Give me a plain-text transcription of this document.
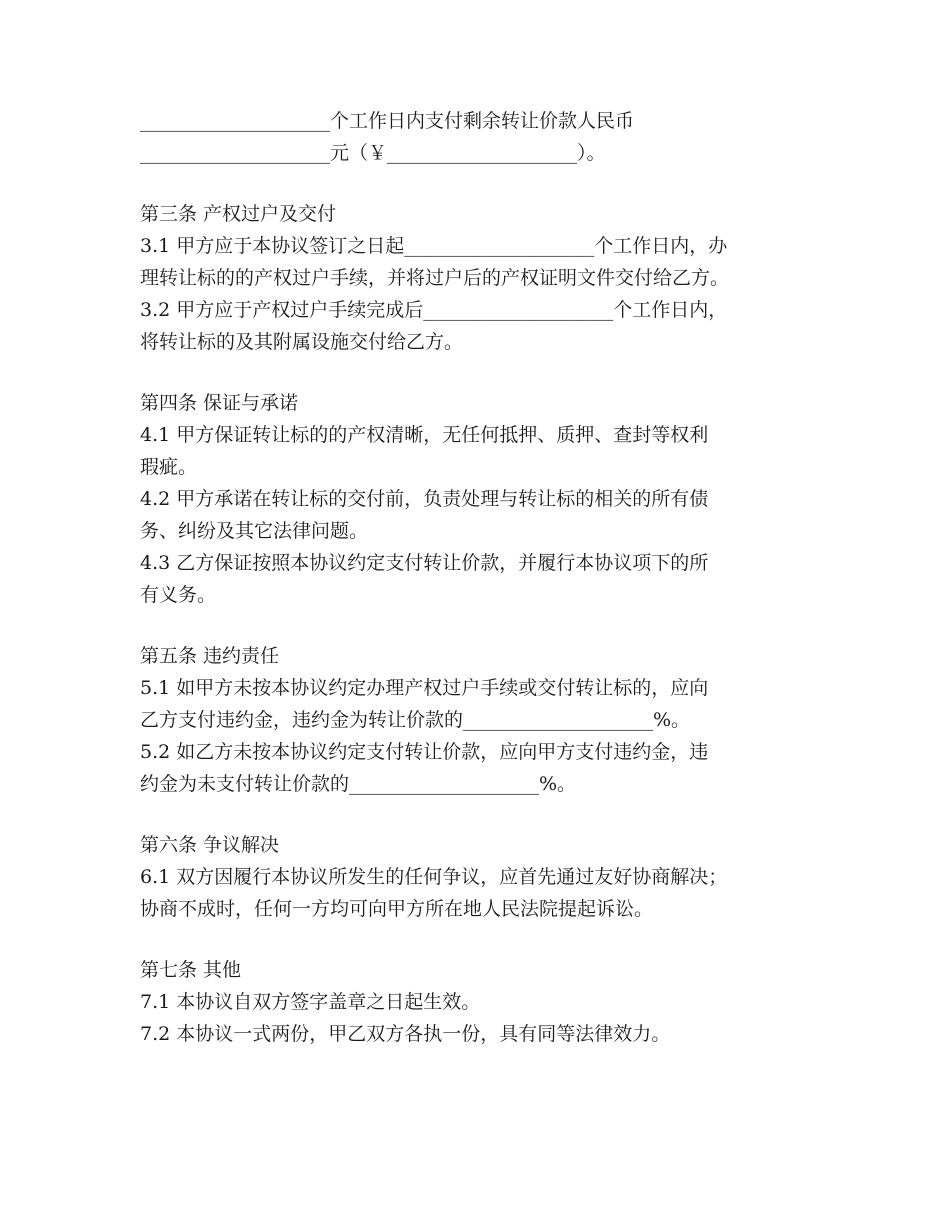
____________________个工作日内支付剩余转让价款人民币
____________________元（￥____________________）。
第三条 产权过户及交付
3.1 甲方应于本协议签订之日起____________________个工作日内，办
理转让标的的产权过户手续，并将过户后的产权证明文件交付给乙方。
3.2 甲方应于产权过户手续完成后____________________个工作日内，
将转让标的及其附属设施交付给乙方。
第四条 保证与承诺
4.1 甲方保证转让标的的产权清晰，无任何抵押、质押、查封等权利
瑕疵。
4.2 甲方承诺在转让标的交付前，负责处理与转让标的相关的所有债
务、纠纷及其它法律问题。
4.3 乙方保证按照本协议约定支付转让价款，并履行本协议项下的所
有义务。
第五条 违约责任
5.1 如甲方未按本协议约定办理产权过户手续或交付转让标的，应向
乙方支付违约金，违约金为转让价款的____________________%。
5.2 如乙方未按本协议约定支付转让价款，应向甲方支付违约金，违
约金为未支付转让价款的____________________%。
第六条 争议解决
6.1 双方因履行本协议所发生的任何争议，应首先通过友好协商解决；
协商不成时，任何一方均可向甲方所在地人民法院提起诉讼。
第七条 其他
7.1 本协议自双方签字盖章之日起生效。
7.2 本协议一式两份，甲乙双方各执一份，具有同等法律效力。
